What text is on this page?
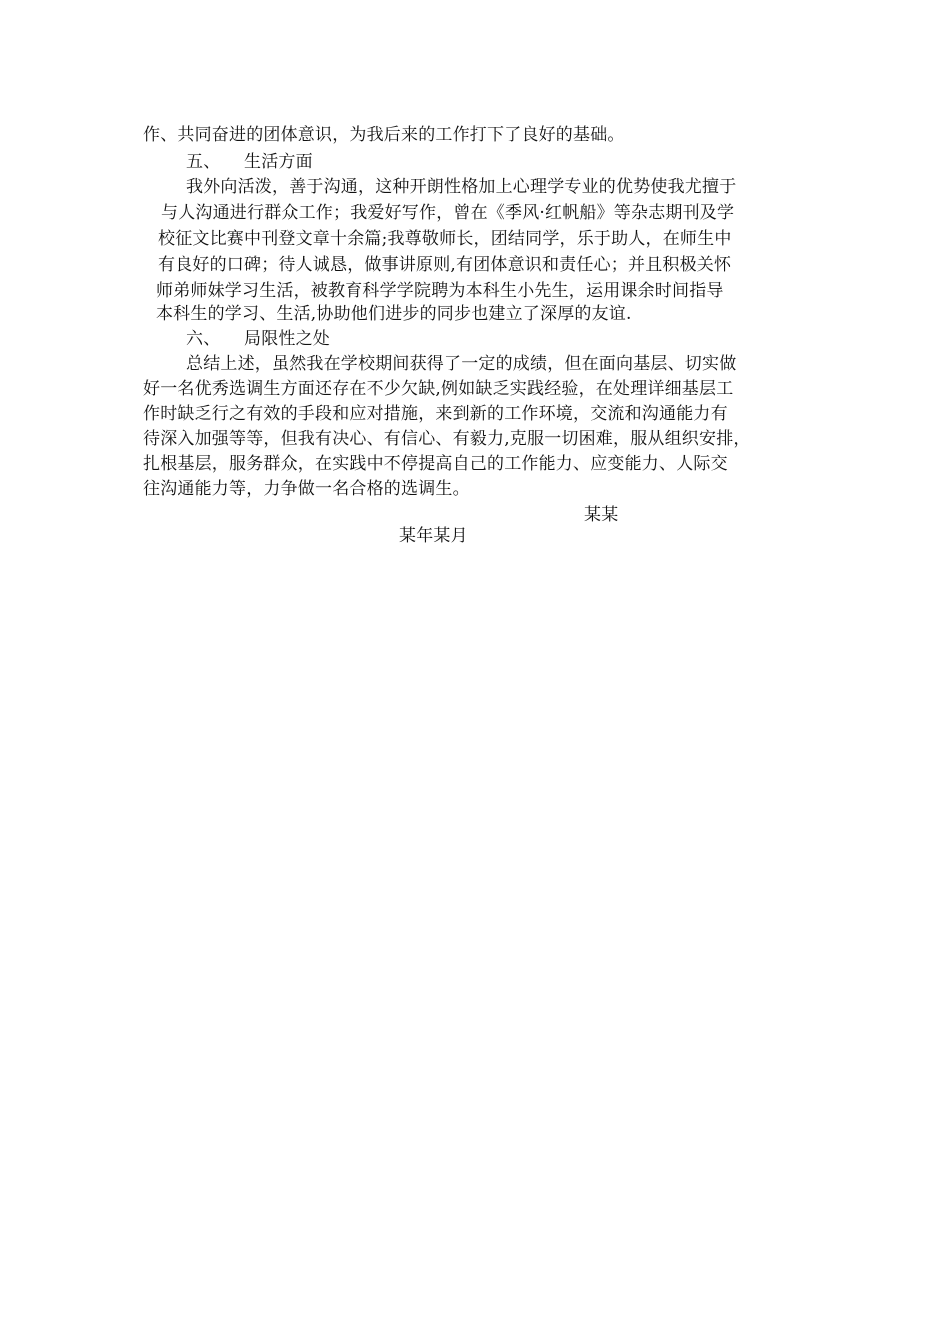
作、共同奋进的团体意识，为我后来的工作打下了良好的基础。
五、 生活方面
我外向活泼，善于沟通，这种开朗性格加上心理学专业的优势使我尤擅于
与人沟通进行群众工作；我爱好写作，曾在《季风·红帆船》等杂志期刊及学
校征文比赛中刊登文章十余篇;我尊敬师长，团结同学，乐于助人，在师生中
有良好的口碑；待人诚恳，做事讲原则,有团体意识和责任心；并且积极关怀
师弟师妹学习生活，被教育科学学院聘为本科生小先生，运用课余时间指导
本科生的学习、生活,协助他们进步的同步也建立了深厚的友谊.
六、 局限性之处
总结上述，虽然我在学校期间获得了一定的成绩，但在面向基层、切实做
好一名优秀选调生方面还存在不少欠缺,例如缺乏实践经验，在处理详细基层工
作时缺乏行之有效的手段和应对措施，来到新的工作环境，交流和沟通能力有
待深入加强等等，但我有决心、有信心、有毅力,克服一切困难，服从组织安排，
扎根基层，服务群众，在实践中不停提高自己的工作能力、应变能力、人际交
往沟通能力等，力争做一名合格的选调生。
某某
某年某月
